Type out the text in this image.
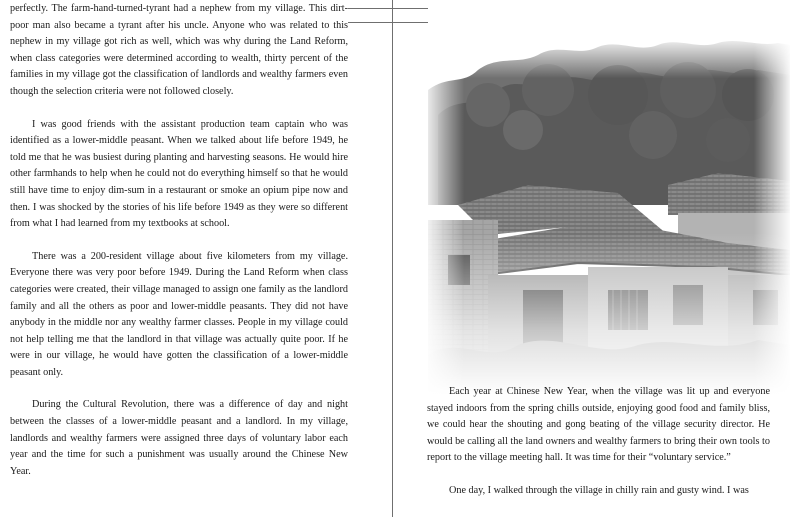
perfectly. The farm-hand-turned-tyrant had a nephew from my village. This dirt-poor man also became a tyrant after his uncle. Anyone who was related to this nephew in my village got rich as well, which was why during the Land Reform, when class categories were determined according to wealth, thirty percent of the families in my village got the classification of landlords and wealthy farmers even though the selection criteria were not followed closely.

I was good friends with the assistant production team captain who was identified as a lower-middle peasant. When we talked about life before 1949, he told me that he was busiest during planting and harvesting seasons. He would hire other farmhands to help when he could not do everything himself so that he would still have time to enjoy dim-sum in a restaurant or smoke an opium pipe now and then. I was shocked by the stories of his life before 1949 as they were so different from what I had learned from my textbooks at school.

There was a 200-resident village about five kilometers from my village. Everyone there was very poor before 1949. During the Land Reform when class categories were created, their village managed to assign one family as the landlord family and all the others as poor and lower-middle peasants. They did not have anybody in the middle nor any wealthy farmer classes. People in my village could not help telling me that the landlord in that village was actually quite poor. If he were in our village, he would have gotten the classification of a lower-middle peasant only.

During the Cultural Revolution, there was a difference of day and night between the classes of a lower-middle peasant and a landlord. In my village, landlords and wealthy farmers were assigned three days of voluntary labor each year and the time for such a punishment was usually around the Chinese New Year.

Each year at Chinese New Year, when the village was lit up and everyone stayed indoors from the spring chills outside, enjoying good food and family bliss, we could hear the shouting and gong beating of the village security director. He would be calling all the land owners and wealthy farmers to bring their own tools to report to the village meeting hall. It was time for their “voluntary service.”

One day, I walked through the village in chilly rain and gusty wind. I was
